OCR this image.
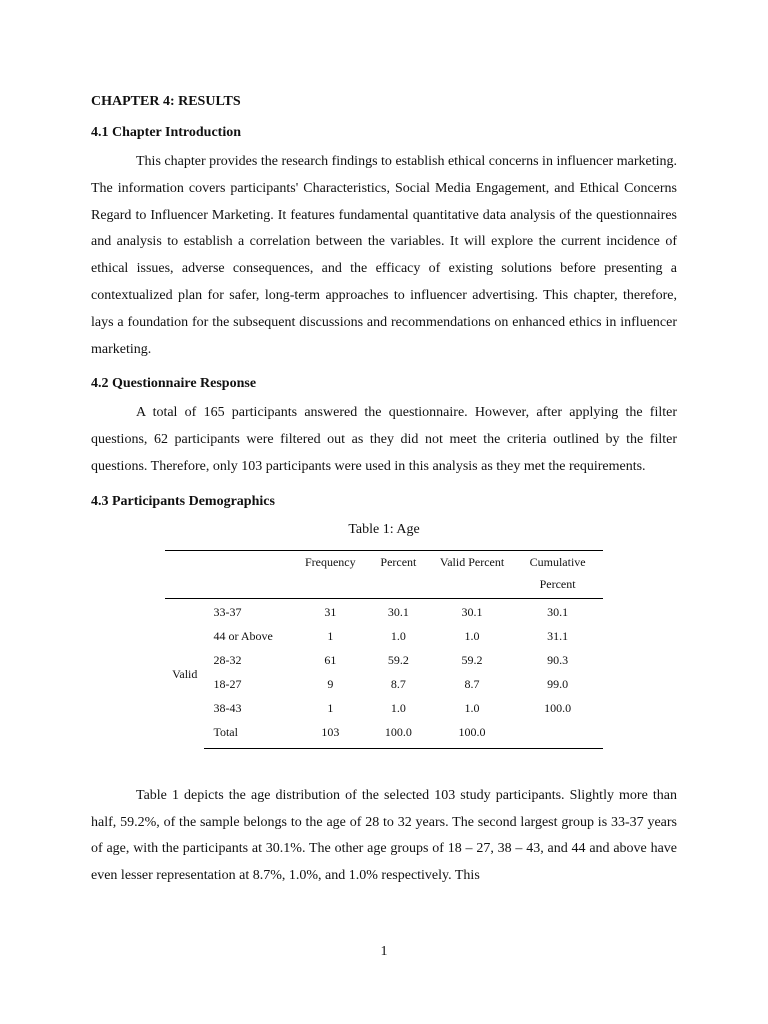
CHAPTER 4: RESULTS
4.1 Chapter Introduction

This chapter provides the research findings to establish ethical concerns in influencer marketing. The information covers participants' Characteristics, Social Media Engagement, and Ethical Concerns Regard to Influencer Marketing. It features fundamental quantitative data analysis of the questionnaires and analysis to establish a correlation between the variables. It will explore the current incidence of ethical issues, adverse consequences, and the efficacy of existing solutions before presenting a contextualized plan for safer, long-term approaches to influencer advertising. This chapter, therefore, lays a foundation for the subsequent discussions and recommendations on enhanced ethics in influencer marketing.

4.2 Questionnaire Response

A total of 165 participants answered the questionnaire. However, after applying the filter questions, 62 participants were filtered out as they did not meet the criteria outlined by the filter questions. Therefore, only 103 participants were used in this analysis as they met the requirements.

4.3 Participants Demographics
Table 1: Age
		Frequency	Percent	Valid Percent	Cumulative Percent
Valid	33-37	31	30.1	30.1	30.1
	44 or Above	1	1.0	1.0	31.1
	28-32	61	59.2	59.2	90.3
	18-27	9	8.7	8.7	99.0
	38-43	1	1.0	1.0	100.0
	Total	103	100.0	100.0	

Table 1 depicts the age distribution of the selected 103 study participants. Slightly more than half, 59.2%, of the sample belongs to the age of 28 to 32 years. The second largest group is 33-37 years of age, with the participants at 30.1%. The other age groups of 18 – 27, 38 – 43, and 44 and above have even lesser representation at 8.7%, 1.0%, and 1.0% respectively. This

1
